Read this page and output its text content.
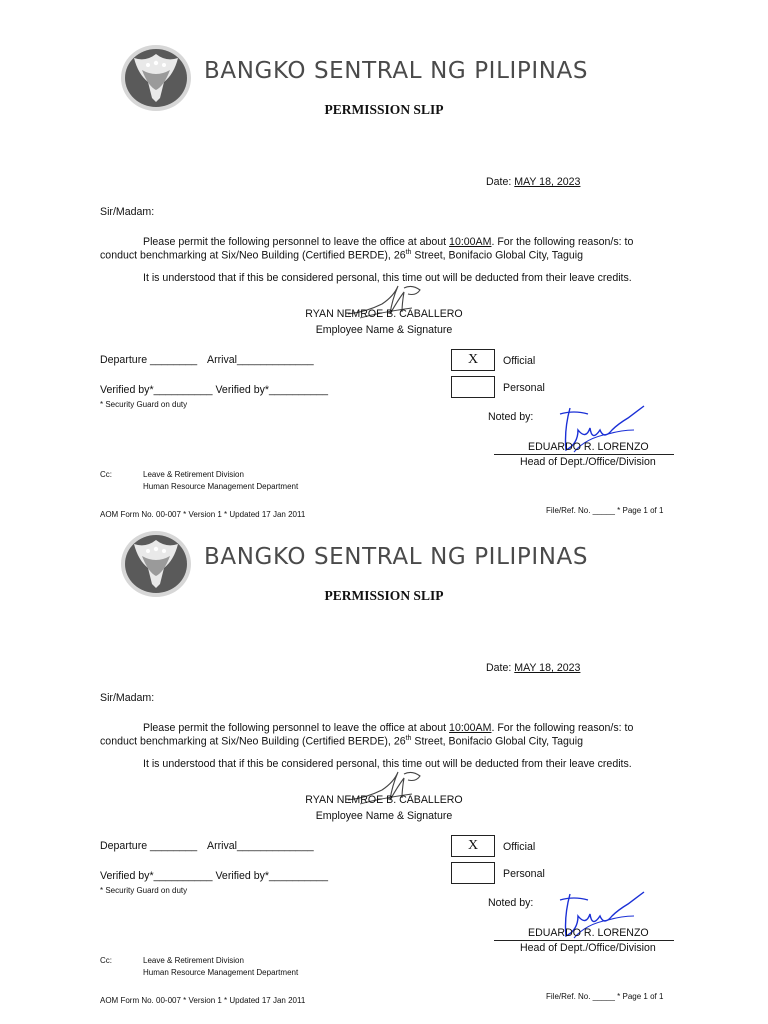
BANGKO SENTRAL NG PILIPINAS
PERMISSION SLIP
Date: MAY 18, 2023
Sir/Madam:
Please permit the following personnel to leave the office at about 10:00AM. For the following reason/s: to
conduct benchmarking at Six/Neo Building (Certified BERDE), 26th Street, Bonifacio Global City, Taguig
It is understood that if this be considered personal, this time out will be deducted from their leave credits.
RYAN NEMROE B. CABALLERO
Employee Name & Signature
Departure ________ Arrival_____________	X	Official
Personal
Verified by*__________ Verified by*__________
* Security Guard on duty
Noted by:
EDUARDO R. LORENZO
Head of Dept./Office/Division
Cc:	Leave & Retirement Division
Human Resource Management Department
AOM Form No. 00-007 * Version 1 * Updated 17 Jan 2011	File/Ref. No. _____ * Page 1 of 1
BANGKO SENTRAL NG PILIPINAS
PERMISSION SLIP
Date: MAY 18, 2023
Sir/Madam:
Please permit the following personnel to leave the office at about 10:00AM. For the following reason/s: to
conduct benchmarking at Six/Neo Building (Certified BERDE), 26th Street, Bonifacio Global City, Taguig
It is understood that if this be considered personal, this time out will be deducted from their leave credits.
RYAN NEMROE B. CABALLERO
Employee Name & Signature
Departure ________ Arrival_____________	X	Official
Personal
Verified by*__________ Verified by*__________
* Security Guard on duty
Noted by:
EDUARDO R. LORENZO
Head of Dept./Office/Division
Cc:	Leave & Retirement Division
Human Resource Management Department
AOM Form No. 00-007 * Version 1 * Updated 17 Jan 2011	File/Ref. No. _____ * Page 1 of 1
